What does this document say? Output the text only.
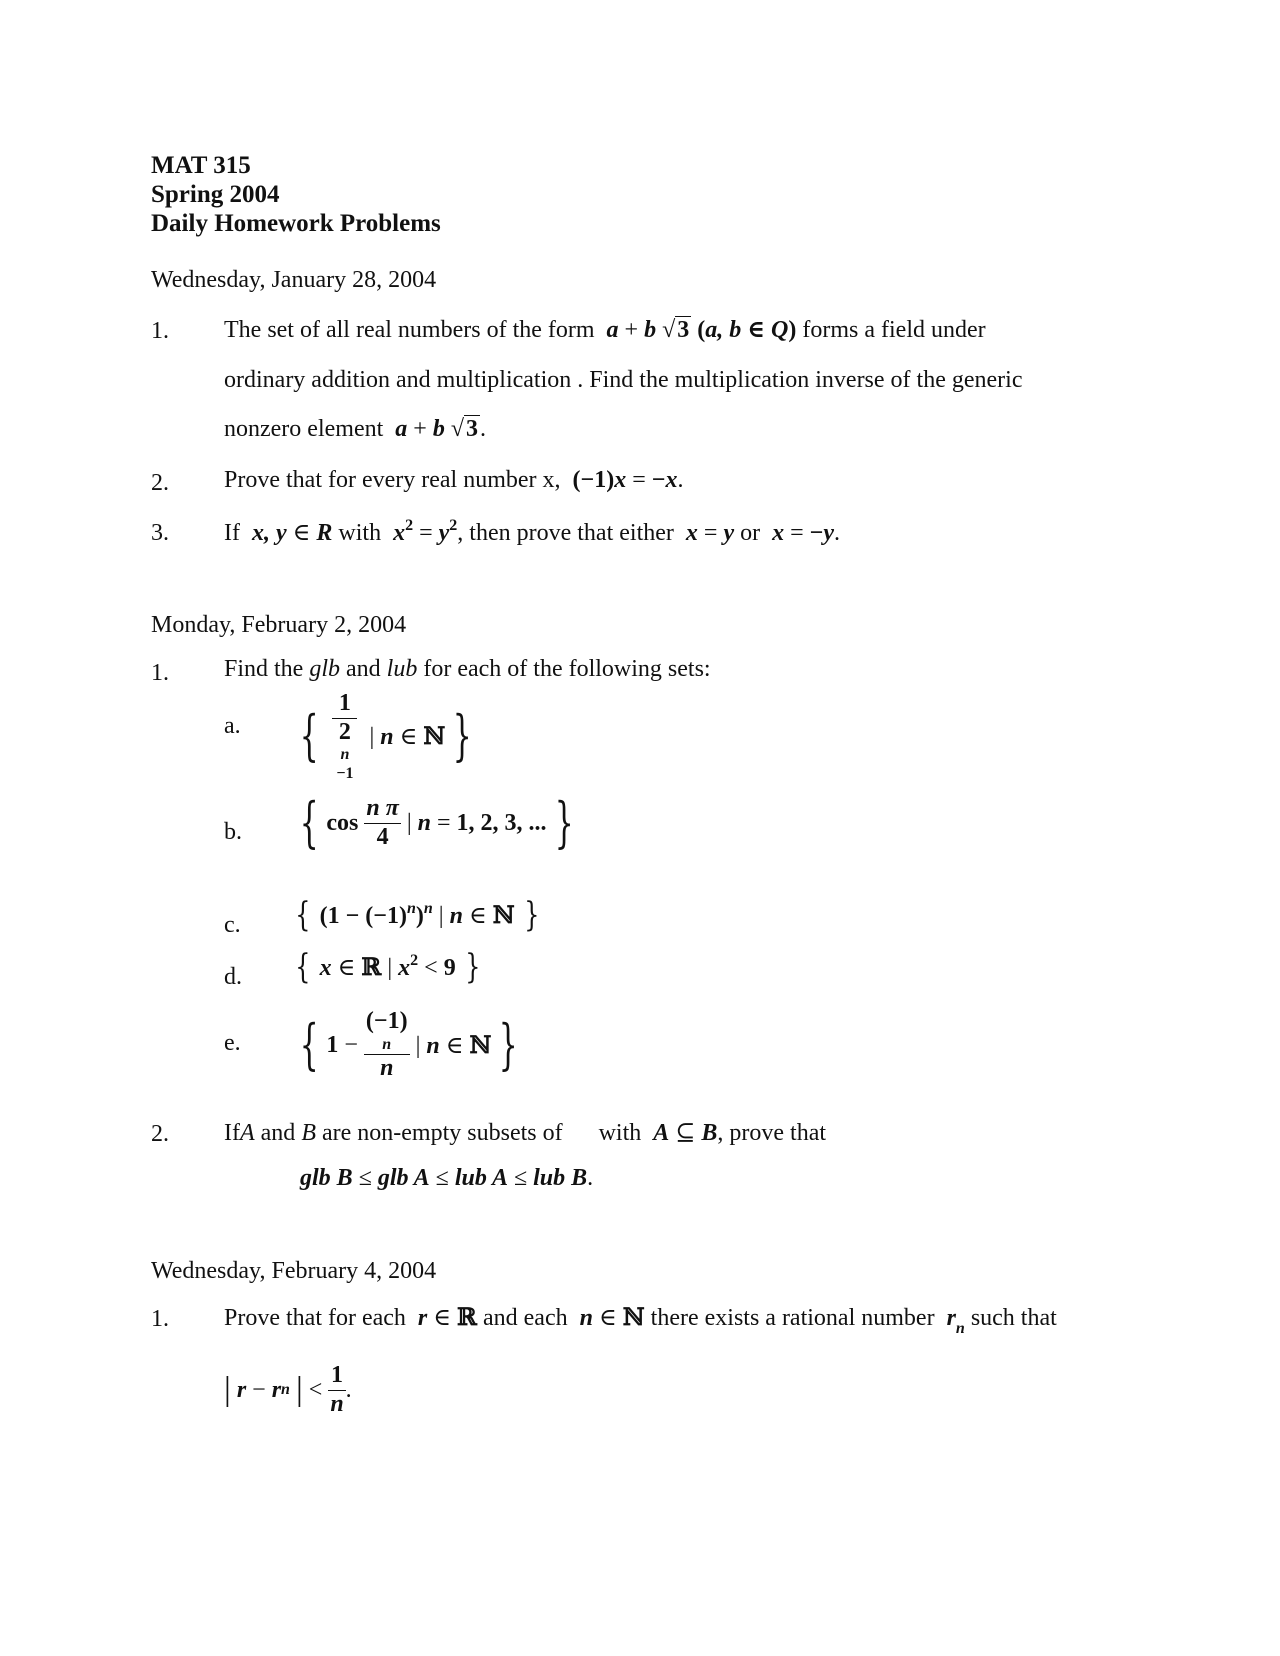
MAT 315
Spring 2004
Daily Homework Problems
Wednesday, January 28, 2004
1. The set of all real numbers of the form  a + b √3 (a, b ∈ Q) forms a field under
ordinary addition and multiplication . Find the multiplication inverse of the generic
nonzero element  a + b √3.
2. Prove that for every real number x,  (−1)x = −x.
3. If  x, y ∈ R with  $x^2 = y^2$, then prove that either  x = y or  x = −y.
Monday, February 2, 2004
1. Find the glb and lub for each of the following sets:
a. { 1
2
n
−1 | n ∈ ℕ }
b. { $\cos \frac{\text{n π}}{4}$ | n = 1, 2, 3, ... }
c. { $(1 - (-1)^n)^n$ | n ∈ ℕ }
d. { x ∈ ℝ | $x^2 < 9$ }
e. { 1 − (−1)
n
n | n ∈ ℕ }
2. IfA and B are non-empty subsets of with  A ⊆ B, prove that
glb B ≤ glb A ≤ lub A ≤ lub B.
Wednesday, February 4, 2004
1. Prove that for each  r ∈ ℝ and each  n ∈ ℕ there exists a rational number  $r_n$ such that
| r − r n
| < $\frac{1}{n}$ .
